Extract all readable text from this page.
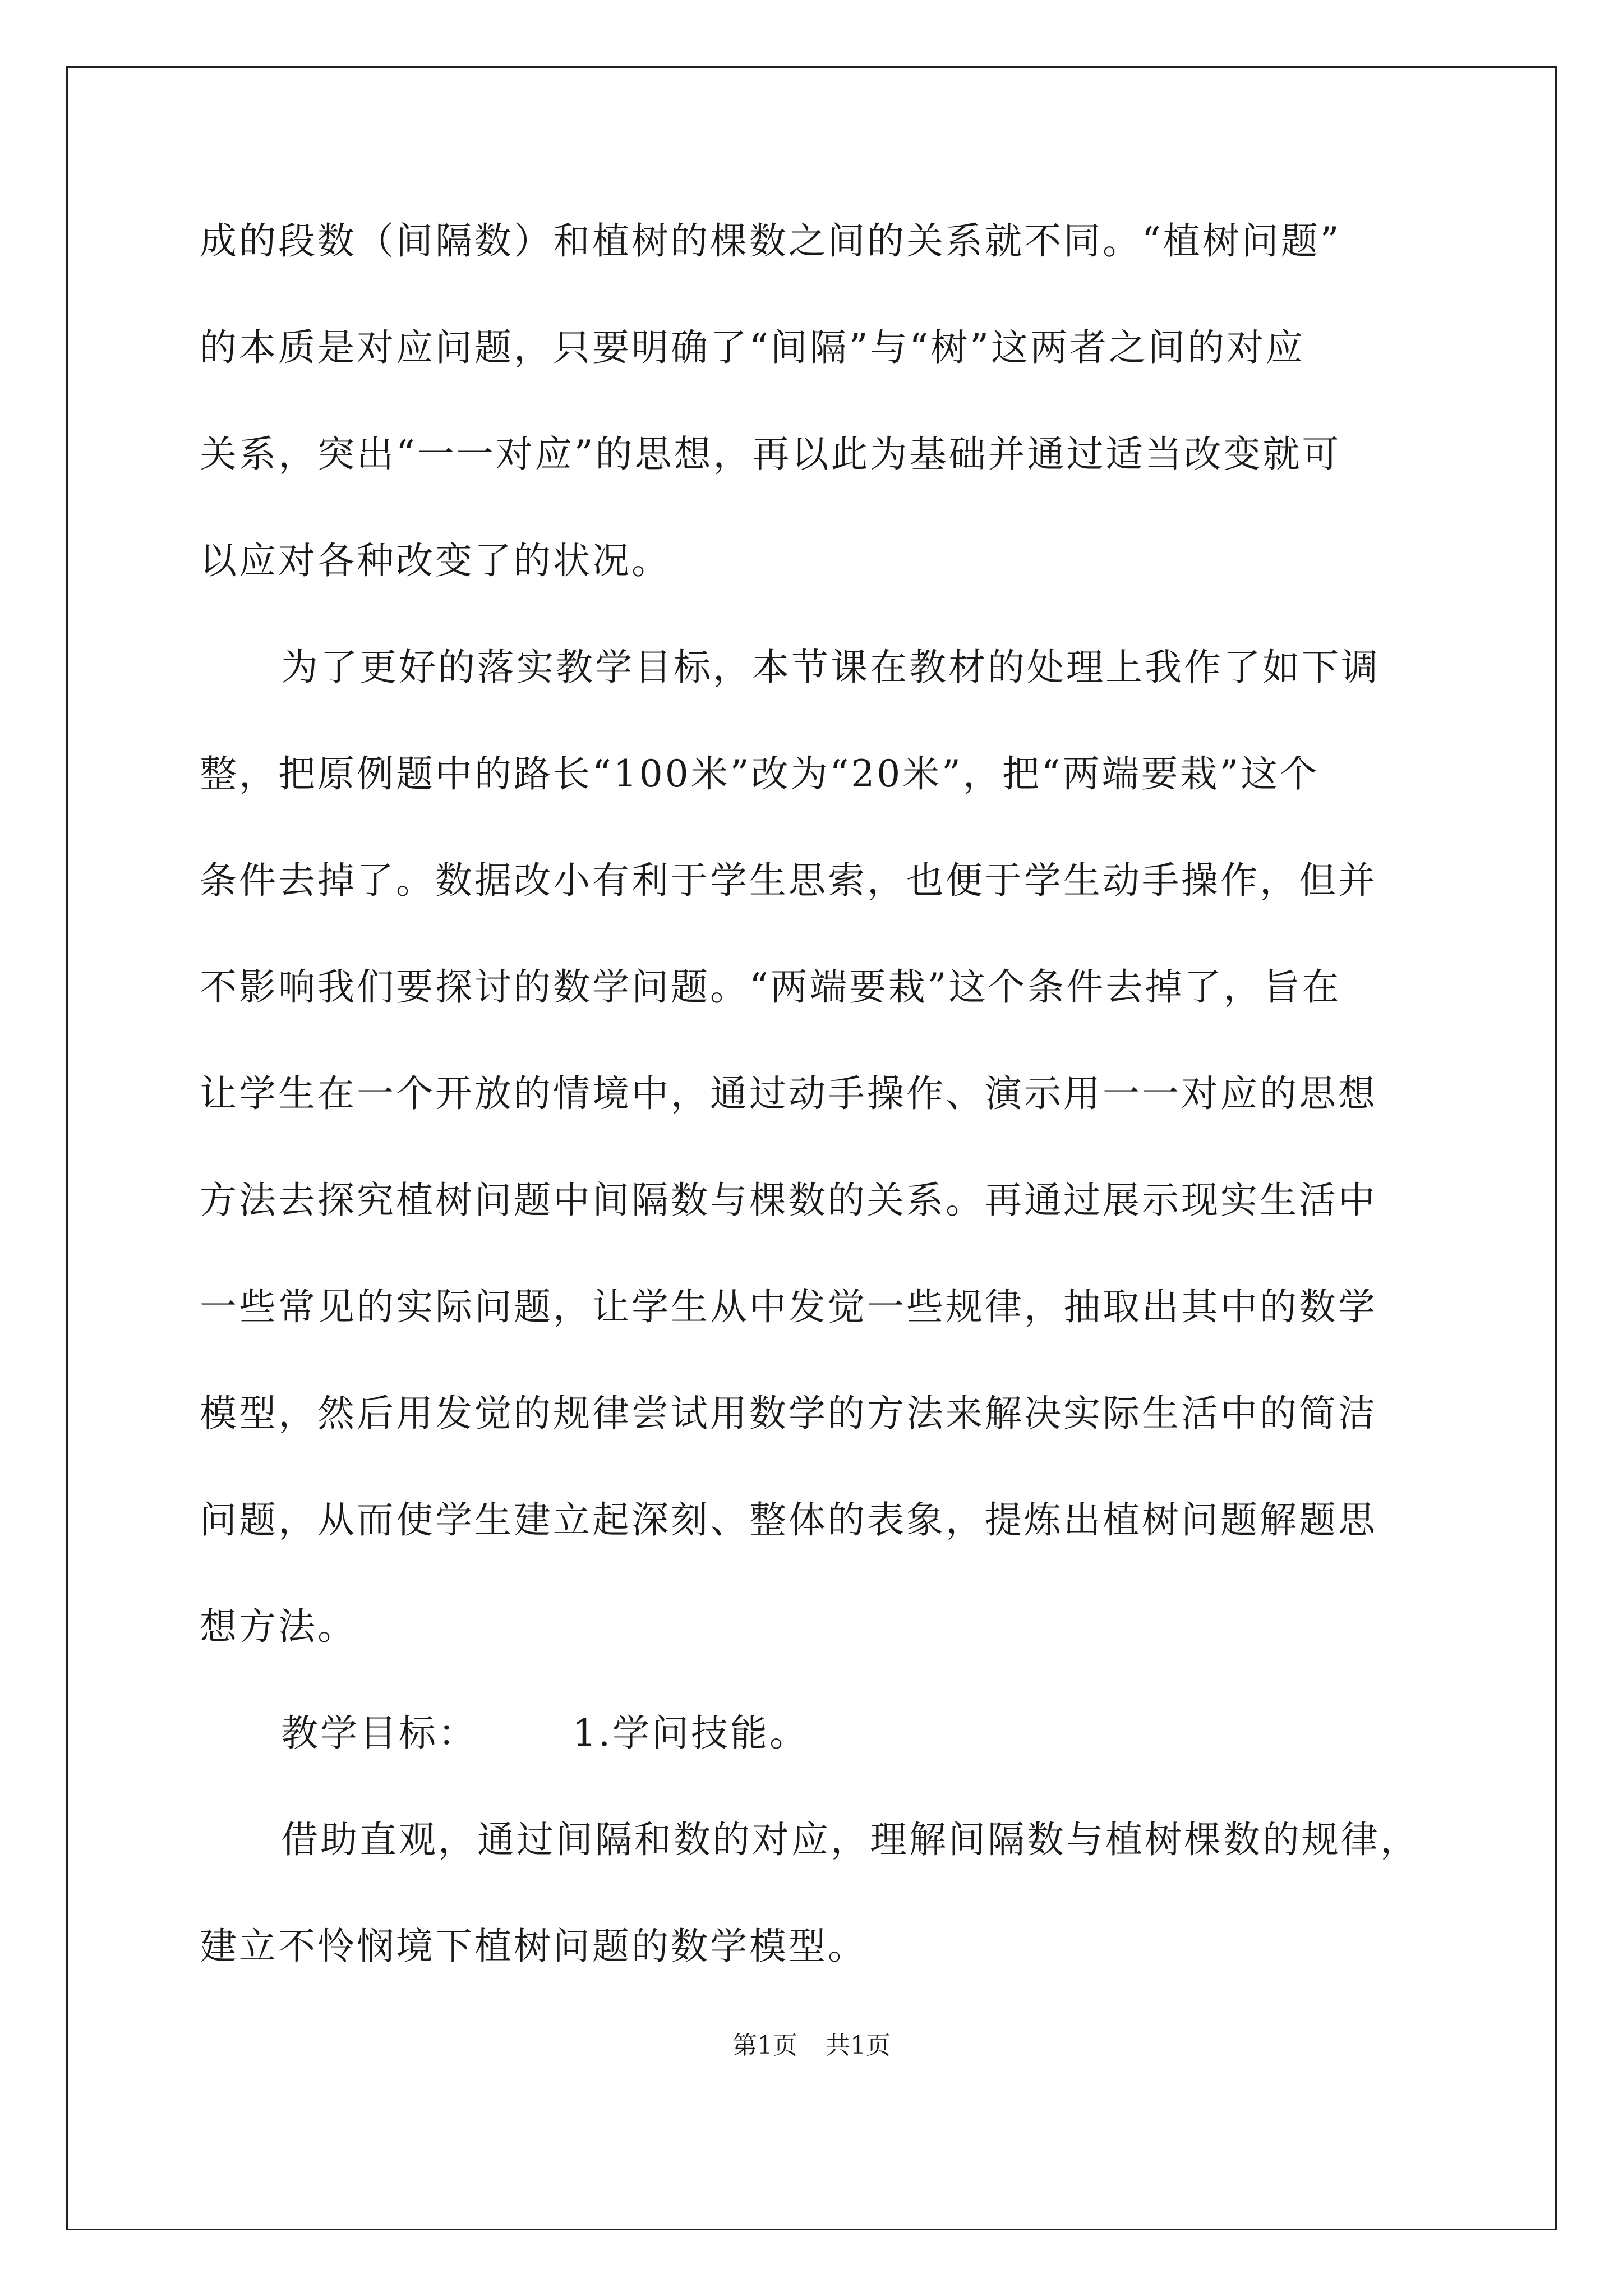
成的段数（间隔数）和植树的棵数之间的关系就不同。“植树问题”
的本质是对应问题，只要明确了“间隔”与“树”这两者之间的对应
关系，突出“一一对应”的思想，再以此为基础并通过适当改变就可
以应对各种改变了的状况。
为了更好的落实教学目标，本节课在教材的处理上我作了如下调
整，把原例题中的路长“100米”改为“20米”，把“两端要栽”这个
条件去掉了。数据改小有利于学生思索，也便于学生动手操作，但并
不影响我们要探讨的数学问题。“两端要栽”这个条件去掉了，旨在
让学生在一个开放的情境中，通过动手操作、演示用一一对应的思想
方法去探究植树问题中间隔数与棵数的关系。再通过展示现实生活中
一些常见的实际问题，让学生从中发觉一些规律，抽取出其中的数学
模型，然后用发觉的规律尝试用数学的方法来解决实际生活中的简洁
问题，从而使学生建立起深刻、整体的表象，提炼出植树问题解题思
想方法。
教学目标：	1.学问技能。
借助直观，通过间隔和数的对应，理解间隔数与植树棵数的规律，
建立不怜悯境下植树问题的数学模型。
第1页 共1页
